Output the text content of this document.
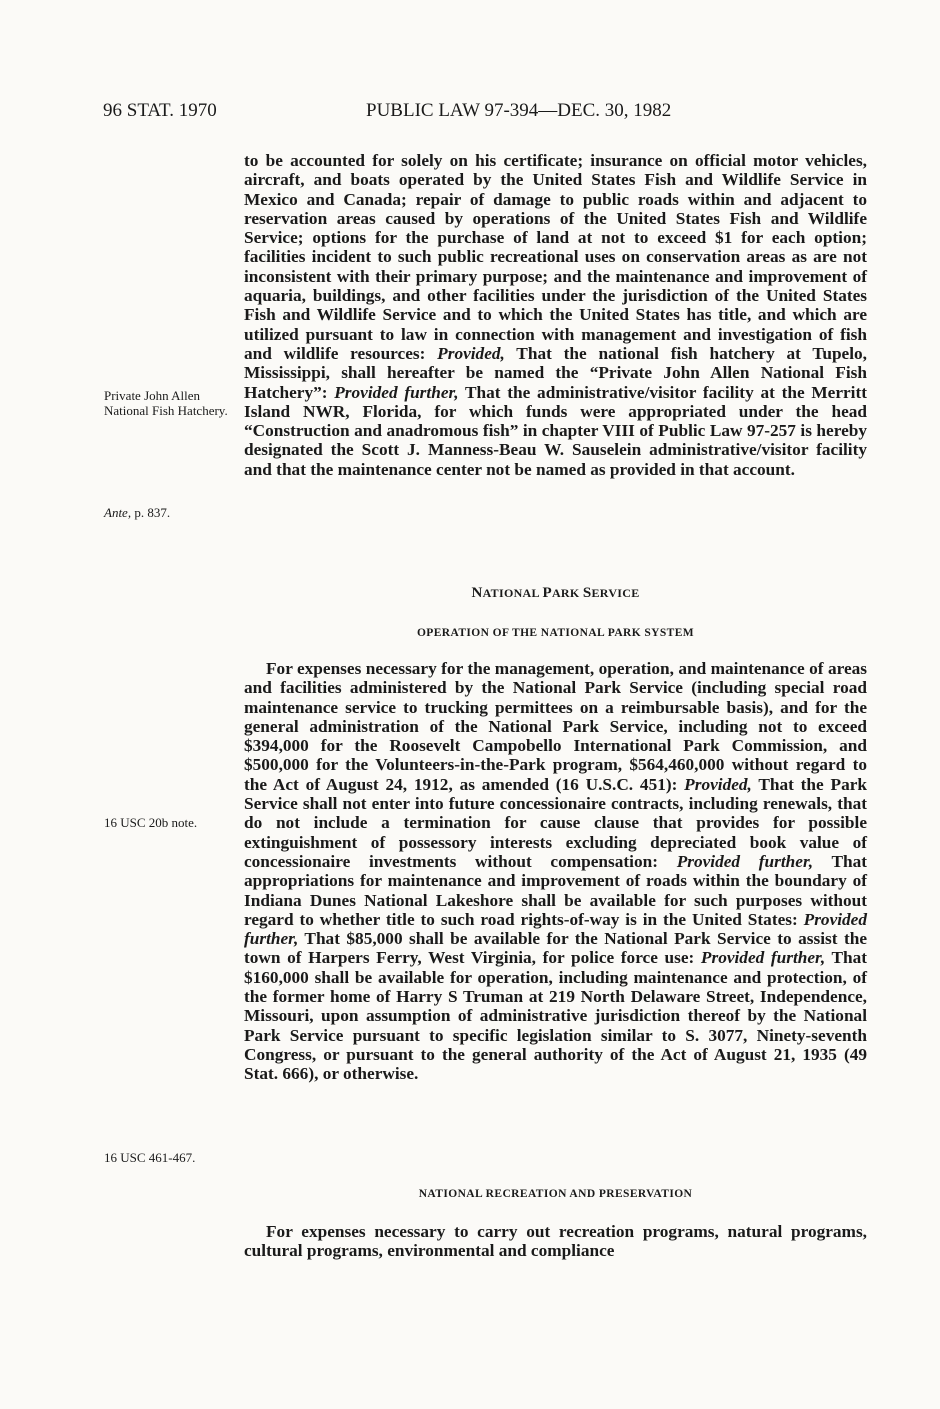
96 STAT. 1970	PUBLIC LAW 97-394—DEC. 30, 1982

to be accounted for solely on his certificate; insurance on official motor vehicles, aircraft, and boats operated by the United States Fish and Wildlife Service in Mexico and Canada; repair of damage to public roads within and adjacent to reservation areas caused by operations of the United States Fish and Wildlife Service; options for the purchase of land at not to exceed $1 for each option; facilities incident to such public recreational uses on conservation areas as are not inconsistent with their primary purpose; and the maintenance and improvement of aquaria, buildings, and other facilities under the jurisdiction of the United States Fish and Wildlife Service and to which the United States has title, and which are utilized pursuant to law in connection with management and investigation of fish and wildlife resources: Provided, That the national fish hatchery at Tupelo, Mississippi, shall hereafter be named the “Private John Allen National Fish Hatchery”: Provided further, That the administrative/visitor facility at the Merritt Island NWR, Florida, for which funds were appropriated under the head “Construction and anadromous fish” in chapter VIII of Public Law 97-257 is hereby designated the Scott J. Manness-Beau W. Sauselein administrative/visitor facility and that the maintenance center not be named as provided in that account.

NATIONAL PARK SERVICE
OPERATION OF THE NATIONAL PARK SYSTEM

For expenses necessary for the management, operation, and maintenance of areas and facilities administered by the National Park Service (including special road maintenance service to trucking permittees on a reimbursable basis), and for the general administration of the National Park Service, including not to exceed $394,000 for the Roosevelt Campobello International Park Commission, and $500,000 for the Volunteers-in-the-Park program, $564,460,000 without regard to the Act of August 24, 1912, as amended (16 U.S.C. 451): Provided, That the Park Service shall not enter into future concessionaire contracts, including renewals, that do not include a termination for cause clause that provides for possible extinguishment of possessory interests excluding depreciated book value of concessionaire investments without compensation: Provided further, That appropriations for maintenance and improvement of roads within the boundary of Indiana Dunes National Lakeshore shall be available for such purposes without regard to whether title to such road rights-of-way is in the United States: Provided further, That $85,000 shall be available for the National Park Service to assist the town of Harpers Ferry, West Virginia, for police force use: Provided further, That $160,000 shall be available for operation, including maintenance and protection, of the former home of Harry S Truman at 219 North Delaware Street, Independence, Missouri, upon assumption of administrative jurisdiction thereof by the National Park Service pursuant to specific legislation similar to S. 3077, Ninety-seventh Congress, or pursuant to the general authority of the Act of August 21, 1935 (49 Stat. 666), or otherwise.

NATIONAL RECREATION AND PRESERVATION

For expenses necessary to carry out recreation programs, natural programs, cultural programs, environmental and compliance

Private John Allen National Fish Hatchery.
Ante, p. 837.
16 USC 20b note.
16 USC 461-467.
